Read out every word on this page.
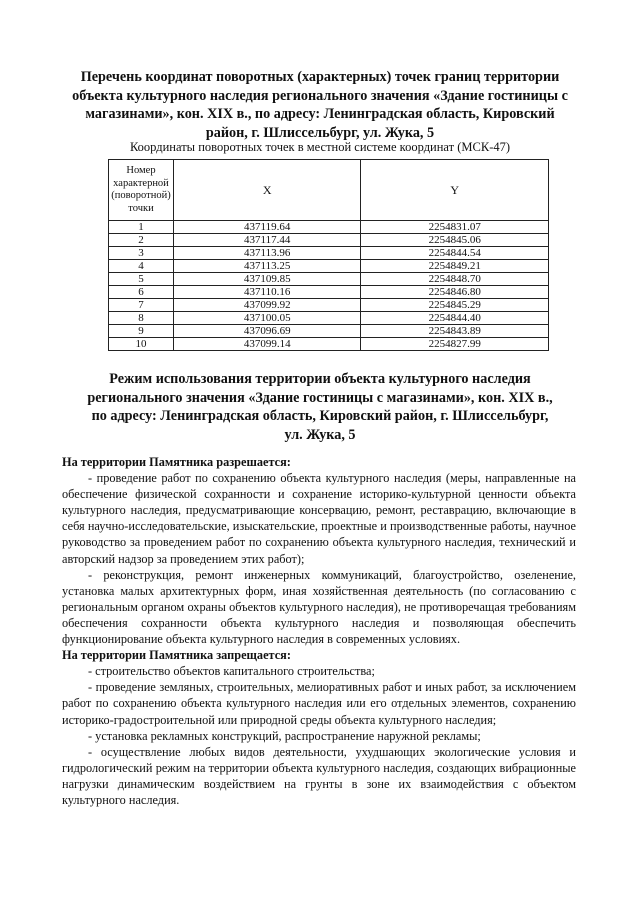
Перечень координат поворотных (характерных) точек границ территории
объекта культурного наследия регионального значения «Здание гостиницы с
магазинами», кон. XIX в., по адресу: Ленинградская область, Кировский
район, г. Шлиссельбург, ул. Жука, 5
Координаты поворотных точек в местной системе координат (МСК-47)
Номер
характерной
(поворотной)
точки	X	Y
1	437119.64	2254831.07
2	437117.44	2254845.06
3	437113.96	2254844.54
4	437113.25	2254849.21
5	437109.85	2254848.70
6	437110.16	2254846.80
7	437099.92	2254845.29
8	437100.05	2254844.40
9	437096.69	2254843.89
10	437099.14	2254827.99
Режим использования территории объекта культурного наследия
регионального значения «Здание гостиницы с магазинами», кон. XIX в.,
по адресу: Ленинградская область, Кировский район, г. Шлиссельбург,
ул. Жука, 5

На территории Памятника разрешается:

- проведение работ по сохранению объекта культурного наследия (меры, направленные на обеспечение физической сохранности и сохранение историко-культурной ценности объекта культурного наследия, предусматривающие консервацию, ремонт, реставрацию, включающие в себя научно-исследовательские, изыскательские, проектные и производственные работы, научное руководство за проведением работ по сохранению объекта культурного наследия, технический и авторский надзор за проведением этих работ);

- реконструкция, ремонт инженерных коммуникаций, благоустройство, озеленение, установка малых архитектурных форм, иная хозяйственная деятельность (по согласованию с региональным органом охраны объектов культурного наследия), не противоречащая требованиям обеспечения сохранности объекта культурного наследия и позволяющая обеспечить функционирование объекта культурного наследия в современных условиях.

На территории Памятника запрещается:

- строительство объектов капитального строительства;

- проведение земляных, строительных, мелиоративных работ и иных работ, за исключением работ по сохранению объекта культурного наследия или его отдельных элементов, сохранению историко-градостроительной или природной среды объекта культурного наследия;

- установка рекламных конструкций, распространение наружной рекламы;

- осуществление любых видов деятельности, ухудшающих экологические условия и гидрологический режим на территории объекта культурного наследия, создающих вибрационные нагрузки динамическим воздействием на грунты в зоне их взаимодействия с объектом культурного наследия.
